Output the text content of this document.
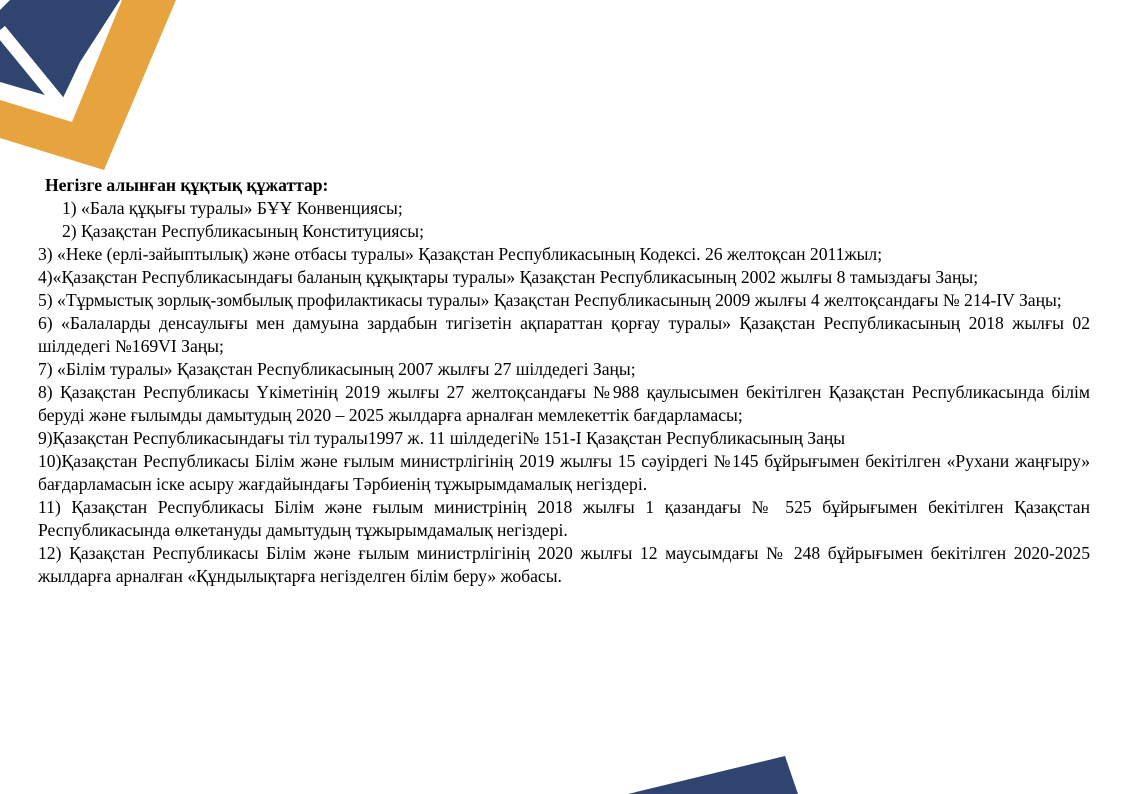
Негізге алынған құқтық құжаттар:

1) «Бала құқығы туралы» БҰҰ Конвенциясы;

2) Қазақстан Республикасының Конституциясы;

3) «Неке (ерлі-зайыптылық) және отбасы туралы» Қазақстан Республикасының Кодексі. 26 желтоқсан 2011жыл;

4)«Қазақстан Республикасындағы баланың құқықтары туралы» Қазақстан Республикасының 2002 жылғы 8 тамыздағы Заңы;

5) «Тұрмыстық зорлық-зомбылық профилактикасы туралы» Қазақстан Республикасының 2009 жылғы 4 желтоқсандағы № 214-IV Заңы;

6) «Балаларды денсаулығы мен дамуына зардабын тигізетін ақпараттан қорғау туралы» Қазақстан Республикасының 2018 жылғы 02 шілдедегі №169VI Заңы;

7) «Білім туралы» Қазақстан Республикасының 2007 жылғы 27 шілдедегі Заңы;

8) Қазақстан Республикасы Үкіметінің 2019 жылғы 27 желтоқсандағы №988 қаулысымен бекітілген Қазақстан Республикасында білім беруді және ғылымды дамытудың 2020 – 2025 жылдарға арналған мемлекеттік бағдарламасы;

9)Қазақстан Республикасындағы тіл туралы1997 ж. 11 шілдедегі№ 151-I Қазақстан Республикасының Заңы

10)Қазақстан Республикасы Білім және ғылым министрлігінің 2019 жылғы 15 сәуірдегі №145 бұйрығымен бекітілген «Рухани жаңғыру» бағдарламасын іске асыру жағдайындағы Тәрбиенің тұжырымдамалық негіздері.

11) Қазақстан Республикасы Білім және ғылым министрінің 2018 жылғы 1 қазандағы № 525 бұйрығымен бекітілген Қазақстан Республикасында өлкетануды дамытудың тұжырымдамалық негіздері.

12) Қазақстан Республикасы Білім және ғылым министрлігінің 2020 жылғы 12 маусымдағы № 248 бұйрығымен бекітілген 2020-2025 жылдарға арналған «Құндылықтарға негізделген білім беру» жобасы.
